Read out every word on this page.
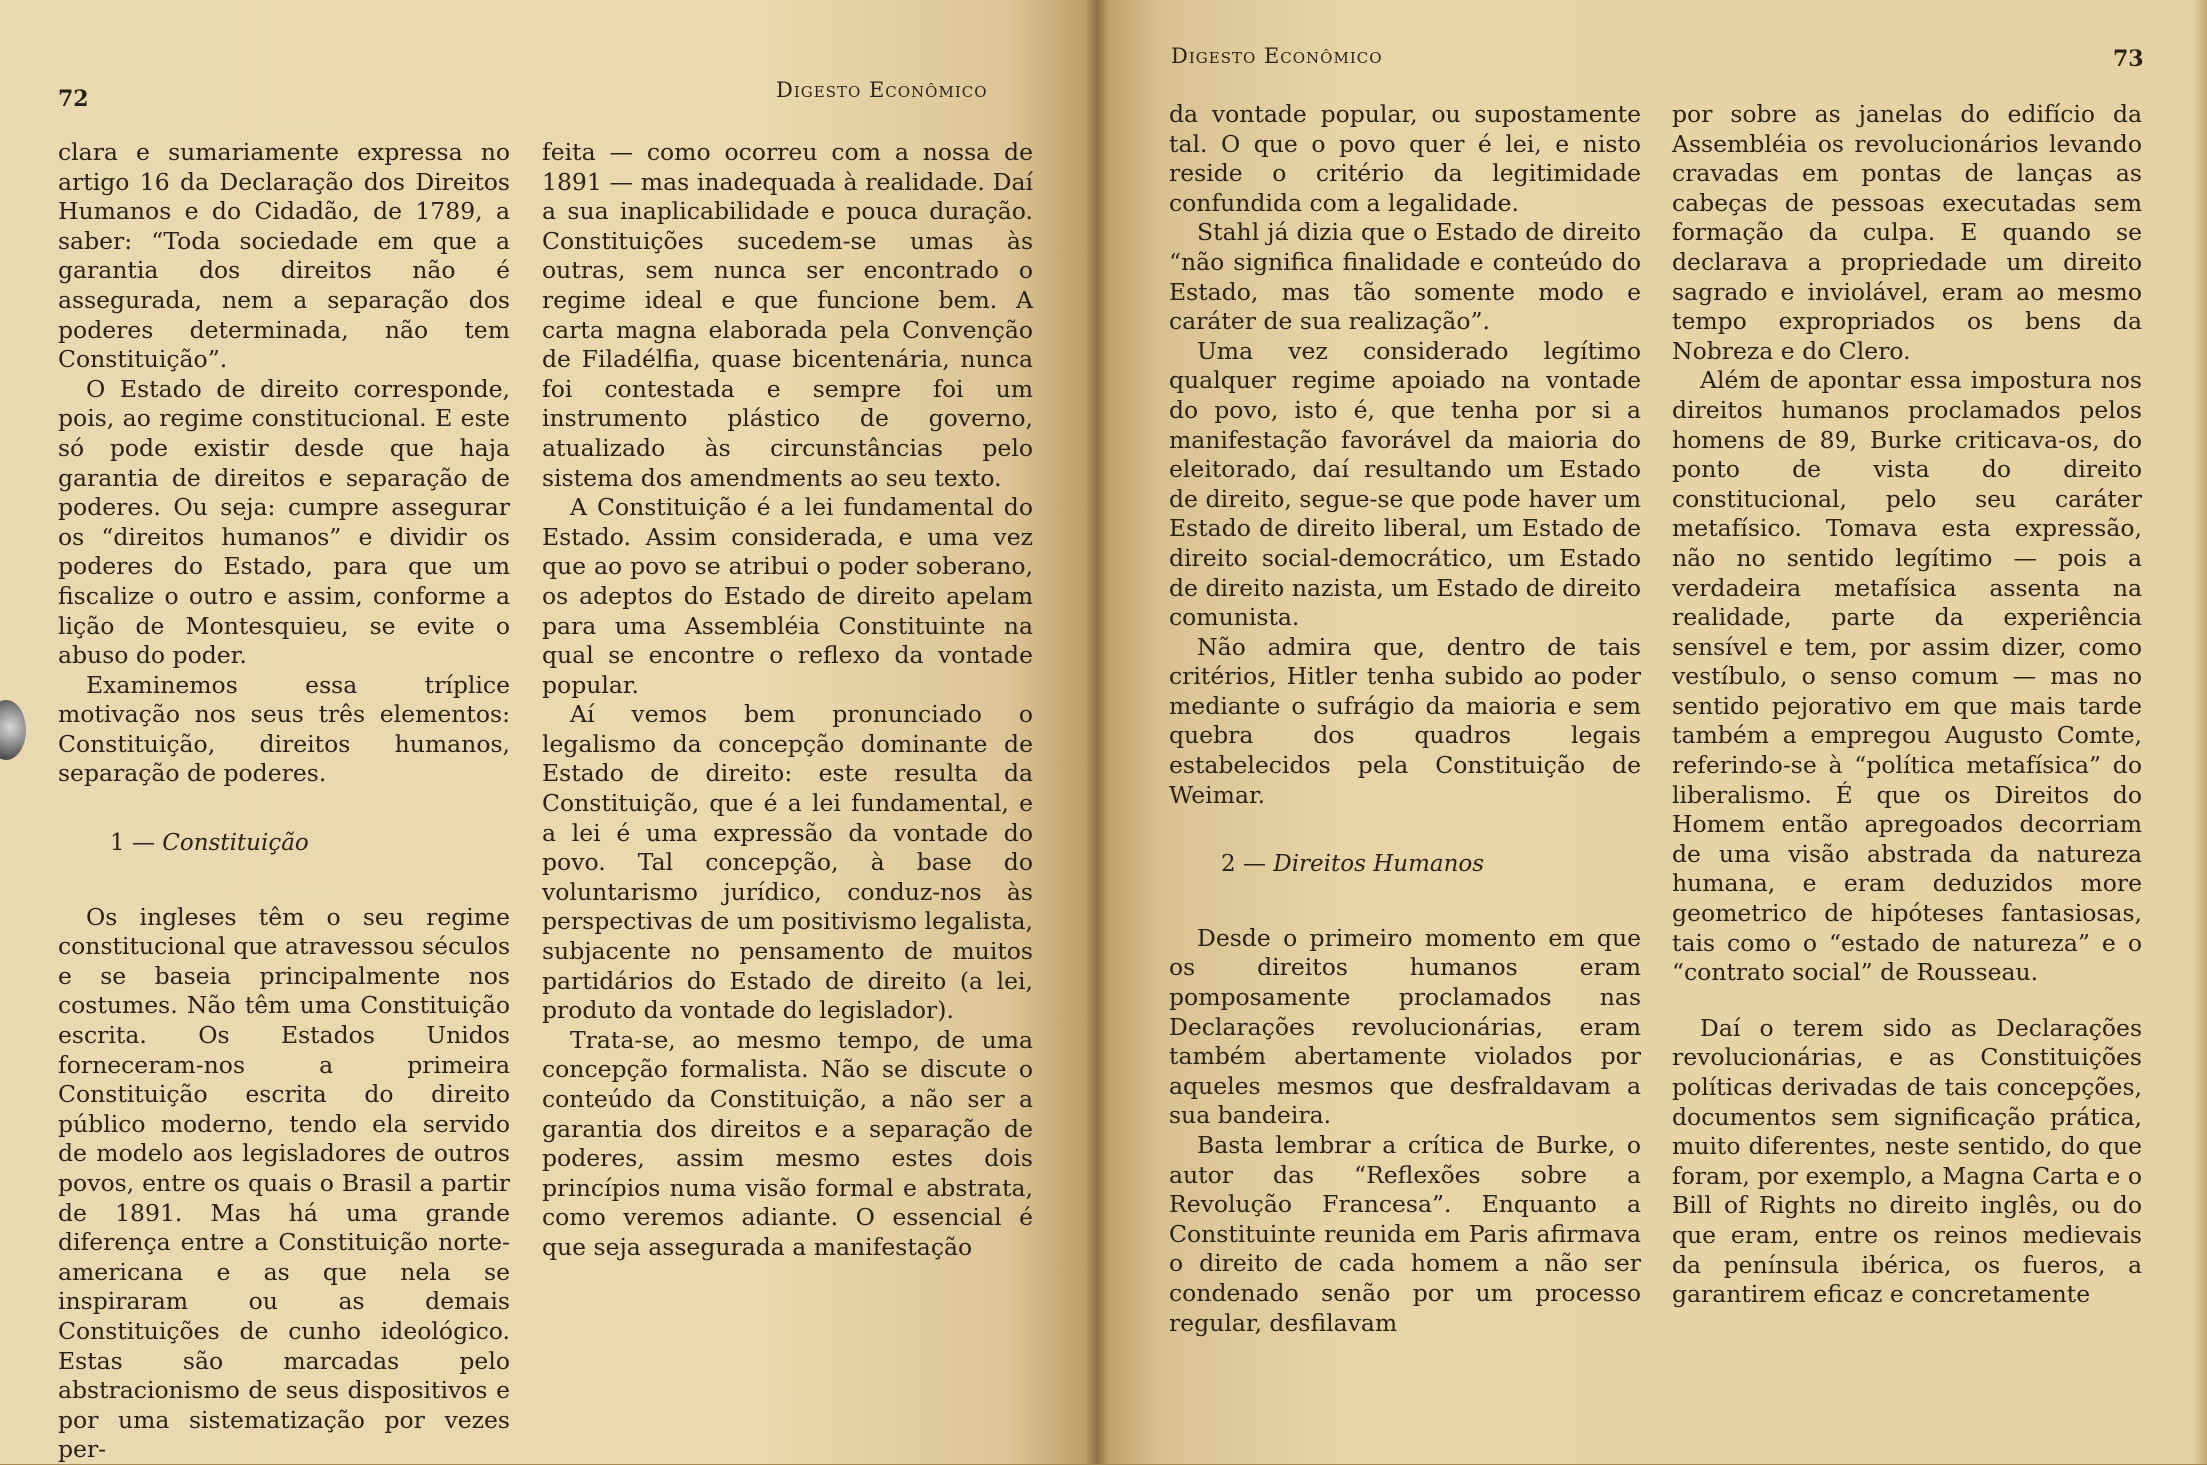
72	Digesto Econômico

clara e sumariamente expressa no artigo 16 da Declaração dos Direitos Humanos e do Cidadão, de 1789, a saber: “Toda sociedade em que a garantia dos direitos não é assegurada, nem a separação dos poderes determinada, não tem Constituição”.

O Estado de direito corresponde, pois, ao regime constitucional. E este só pode existir desde que haja garantia de direitos e separação de poderes. Ou seja: cumpre assegurar os “direitos humanos” e dividir os poderes do Estado, para que um fiscalize o outro e assim, conforme a lição de Montesquieu, se evite o abuso do poder.

Examinemos essa tríplice motivação nos seus três elementos: Constituição, direitos humanos, separação de poderes.

1 — Constituição

Os ingleses têm o seu regime constitucional que atravessou séculos e se baseia principalmente nos costumes. Não têm uma Constituição escrita. Os Estados Unidos forneceram-nos a primeira Constituição escrita do direito público moderno, tendo ela servido de modelo aos legisladores de outros povos, entre os quais o Brasil a partir de 1891. Mas há uma grande diferença entre a Constituição norte-americana e as que nela se inspiraram ou as demais Constituições de cunho ideológico. Estas são marcadas pelo abstracionismo de seus dispositivos e por uma sistematização por vezes per-

feita — como ocorreu com a nossa de 1891 — mas inadequada à realidade. Daí a sua inaplicabilidade e pouca duração. Constituições sucedem-se umas às outras, sem nunca ser encontrado o regime ideal e que funcione bem. A carta magna elaborada pela Convenção de Filadélfia, quase bicentenária, nunca foi contestada e sempre foi um instrumento plástico de governo, atualizado às circunstâncias pelo sistema dos amendments ao seu texto.

A Constituição é a lei fundamental do Estado. Assim considerada, e uma vez que ao povo se atribui o poder soberano, os adeptos do Estado de direito apelam para uma Assembléia Constituinte na qual se encontre o reflexo da vontade popular.

Aí vemos bem pronunciado o legalismo da concepção dominante de Estado de direito: este resulta da Constituição, que é a lei fundamental, e a lei é uma expressão da vontade do povo. Tal concepção, à base do voluntarismo jurídico, conduz-nos às perspectivas de um positivismo legalista, subjacente no pensamento de muitos partidários do Estado de direito (a lei, produto da vontade do legislador).

Trata-se, ao mesmo tempo, de uma concepção formalista. Não se discute o conteúdo da Constituição, a não ser a garantia dos direitos e a separação de poderes, assim mesmo estes dois princípios numa visão formal e abstrata, como veremos adiante. O essencial é que seja assegurada a manifestação

Digesto Econômico	73

da vontade popular, ou supostamente tal. O que o povo quer é lei, e nisto reside o critério da legitimidade confundida com a legalidade.

Stahl já dizia que o Estado de direito “não significa finalidade e conteúdo do Estado, mas tão somente modo e caráter de sua realização”.

Uma vez considerado legítimo qualquer regime apoiado na vontade do povo, isto é, que tenha por si a manifestação favorável da maioria do eleitorado, daí resultando um Estado de direito, segue-se que pode haver um Estado de direito liberal, um Estado de direito social-democrático, um Estado de direito nazista, um Estado de direito comunista.

Não admira que, dentro de tais critérios, Hitler tenha subido ao poder mediante o sufrágio da maioria e sem quebra dos quadros legais estabelecidos pela Constituição de Weimar.

2 — Direitos Humanos

Desde o primeiro momento em que os direitos humanos eram pomposamente proclamados nas Declarações revolucionárias, eram também abertamente violados por aqueles mesmos que desfraldavam a sua bandeira.

Basta lembrar a crítica de Burke, o autor das “Reflexões sobre a Revolução Francesa”. Enquanto a Constituinte reunida em Paris afirmava o direito de cada homem a não ser condenado senão por um processo regular, desfilavam

por sobre as janelas do edifício da Assembléia os revolucionários levando cravadas em pontas de lanças as cabeças de pessoas executadas sem formação da culpa. E quando se declarava a propriedade um direito sagrado e inviolável, eram ao mesmo tempo expropriados os bens da Nobreza e do Clero.

Além de apontar essa impostura nos direitos humanos proclamados pelos homens de 89, Burke criticava-os, do ponto de vista do direito constitucional, pelo seu caráter metafísico. Tomava esta expressão, não no sentido legítimo — pois a verdadeira metafísica assenta na realidade, parte da experiência sensível e tem, por assim dizer, como vestíbulo, o senso comum — mas no sentido pejorativo em que mais tarde também a empregou Augusto Comte, referindo-se à “política metafísica” do liberalismo. É que os Direitos do Homem então apregoados decorriam de uma visão abstrada da natureza humana, e eram deduzidos more geometrico de hipóteses fantasiosas, tais como o “estado de natureza” e o “contrato social” de Rousseau.

Daí o terem sido as Declarações revolucionárias, e as Constituições políticas derivadas de tais concepções, documentos sem significação prática, muito diferentes, neste sentido, do que foram, por exemplo, a Magna Carta e o Bill of Rights no direito inglês, ou do que eram, entre os reinos medievais da península ibérica, os fueros, a garantirem eficaz e concretamente
